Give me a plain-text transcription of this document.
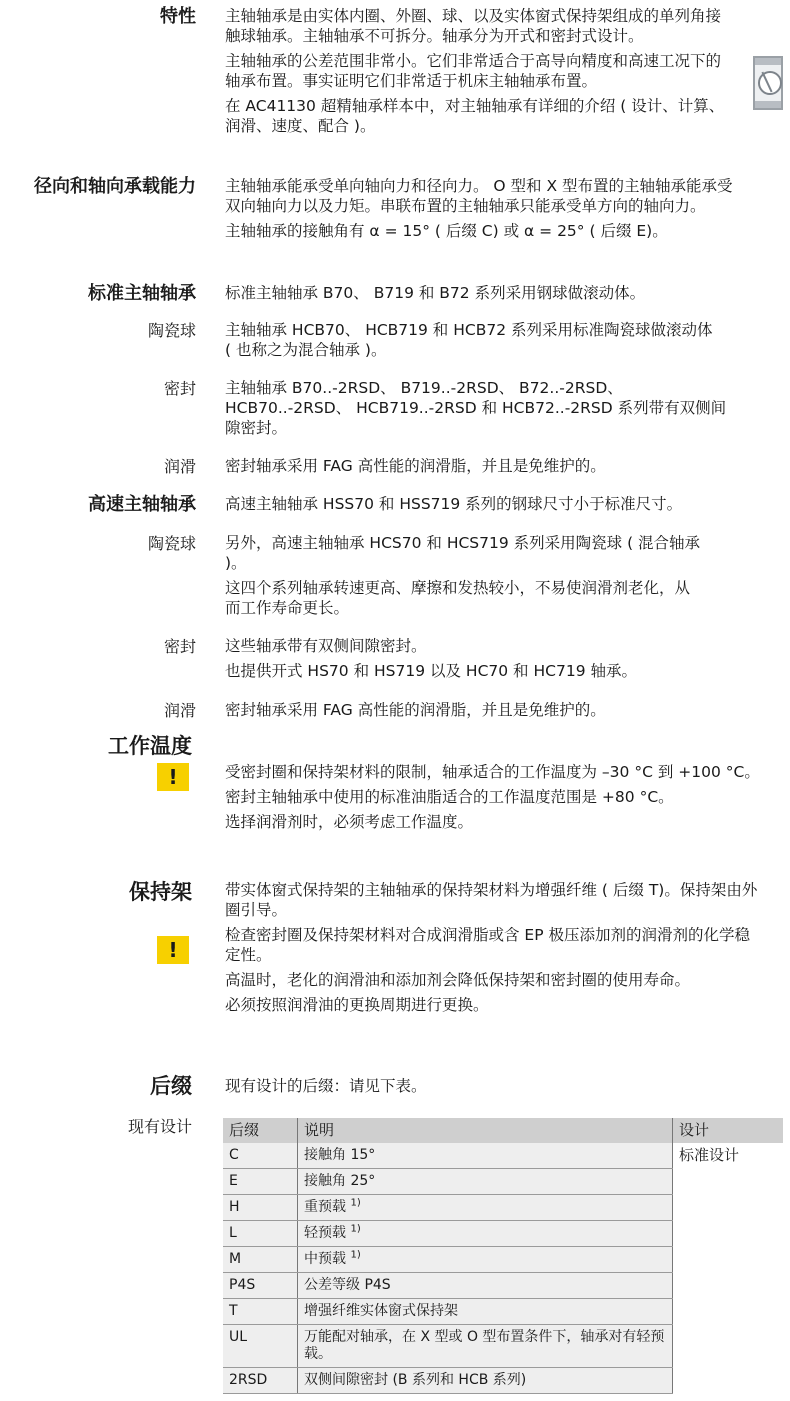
特性 主轴轴承是由实体内圈、外圈、球、以及实体窗式保持架组成的单列角接触球轴承。主轴轴承不可拆分。轴承分为开式和密封式设计。

主轴轴承的公差范围非常小。它们非常适合于高导向精度和高速工况下的轴承布置。事实证明它们非常适于机床主轴轴承布置。

在 AC41130 超精轴承样本中，对主轴轴承有详细的介绍 ( 设计、计算、润滑、速度、配合 )。

径向和轴向承载能力 主轴轴承能承受单向轴向力和径向力。 O 型和 X 型布置的主轴轴承能承受双向轴向力以及力矩。串联布置的主轴轴承只能承受单方向的轴向力。

主轴轴承的接触角有 α = 15° ( 后缀 C) 或 α = 25° ( 后缀 E)。

标准主轴轴承 标准主轴轴承 B70、 B719 和 B72 系列采用钢球做滚动体。
陶瓷球 主轴轴承 HCB70、 HCB719 和 HCB72 系列采用标准陶瓷球做滚动体 ( 也称之为混合轴承 )。
密封 主轴轴承 B70..-2RSD、 B719..-2RSD、 B72..-2RSD、HCB70..-2RSD、 HCB719..-2RSD 和 HCB72..-2RSD 系列带有双侧间隙密封。
润滑 密封轴承采用 FAG 高性能的润滑脂，并且是免维护的。
高速主轴轴承 高速主轴轴承 HSS70 和 HSS719 系列的钢球尺寸小于标准尺寸。
陶瓷球 另外，高速主轴轴承 HCS70 和 HCS719 系列采用陶瓷球 ( 混合轴承 )。

这四个系列轴承转速更高、摩擦和发热较小，不易使润滑剂老化，从而工作寿命更长。

密封 这些轴承带有双侧间隙密封。

也提供开式 HS70 和 HS719 以及 HC70 和 HC719 轴承。

润滑 密封轴承采用 FAG 高性能的润滑脂，并且是免维护的。
工作温度
!	受密封圈和保持架材料的限制，轴承适合的工作温度为 –30 °C 到 +100 °C。

密封主轴轴承中使用的标准油脂适合的工作温度范围是 +80 °C。

选择润滑剂时，必须考虑工作温度。

保持架 带实体窗式保持架的主轴轴承的保持架材料为增强纤维 ( 后缀 T)。保持架由外圈引导。

检查密封圈及保持架材料对合成润滑脂或含 EP 极压添加剂的润滑剂的化学稳定性。

高温时，老化的润滑油和添加剂会降低保持架和密封圈的使用寿命。

必须按照润滑油的更换周期进行更换。

!
后缀 现有设计的后缀：请见下表。
现有设计 后缀	说明	设计
C	接触角 15°	标准设计
E	接触角 25°	
H	重预载 $^{1)}$
L	轻预载 $^{1)}$
M	中预载 $^{1)}$
P4S	公差等级 P4S	
T	增强纤维实体窗式保持架	
UL	万能配对轴承，在 X 型或 O 型布置条件下，轴承对有轻预载。	
2RSD	双侧间隙密封 (B 系列和 HCB 系列)	
